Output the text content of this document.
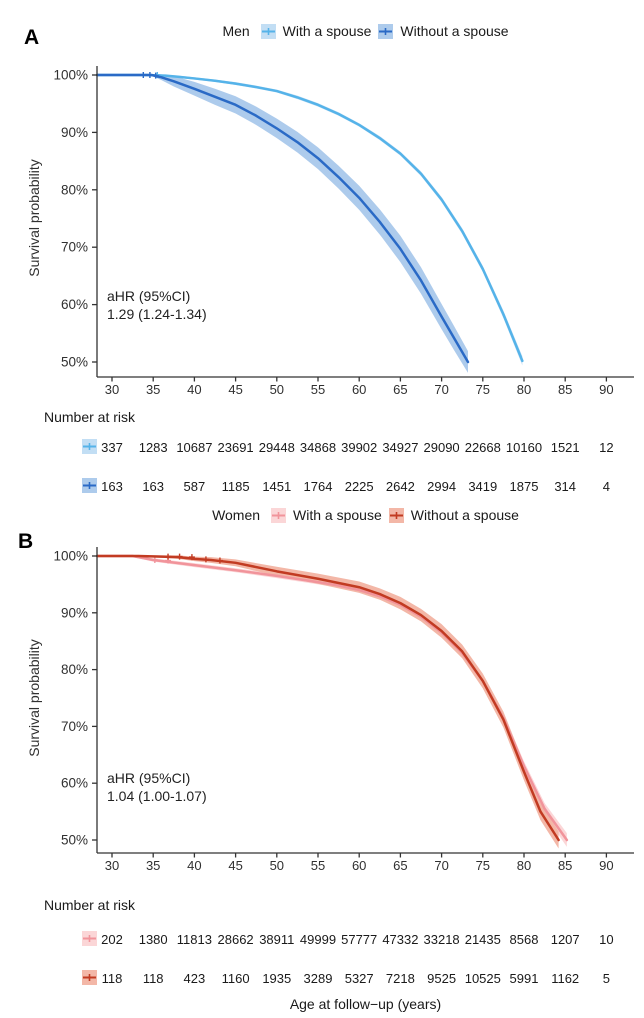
30 35 40 45 50 55 60 65 70 75 80 85 90
100%
90%
80%
70%
60%
50%
Survival probability
30 35 40 45 50 55 60 65 70 75 80 85 90
100%
90%
80%
70%
60%
50%
Survival probability
A
B
Men With a spouse Without a spouse
Women With a spouse Without a spouse
aHR (95%CI)
1.29 (1.24-1.34)
aHR (95%CI)
1.04 (1.00-1.07)
Number at risk
Number at risk
337	1283 10687 23691 29448 34868 39902 34927 29090 22668 10160 1521	12
163	163	587	1185 1451 1764 2225 2642 2994 3419 1875	314	4
202	1380 11813 28662 38911 49999 57777 47332 33218 21435 8568 1207	10
118	118	423	1160 1935 3289 5327 7218 9525 10525 5991 1162	5
Age at follow−up (years)
